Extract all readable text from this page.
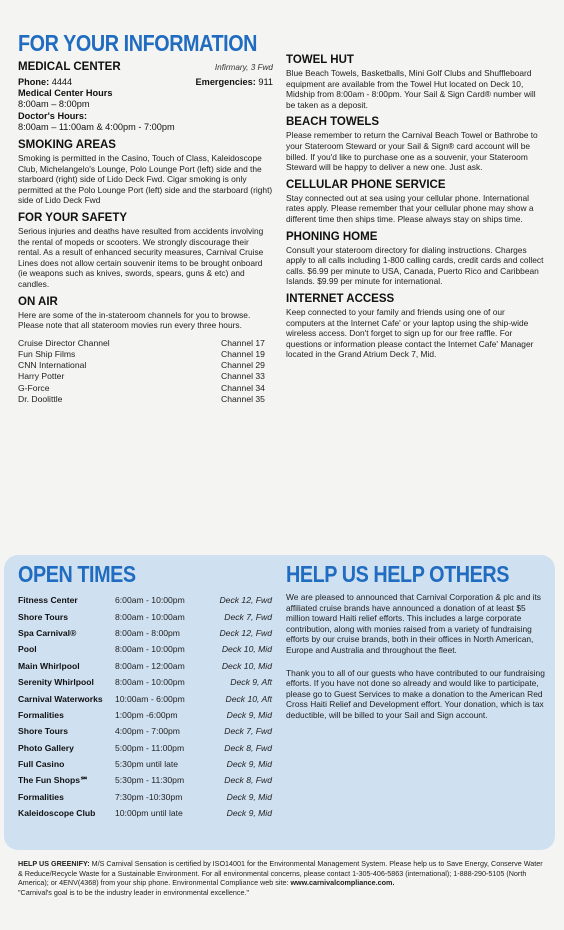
FOR YOUR INFORMATION
MEDICAL CENTER	Infirmary, 3 Fwd
Phone: 4444	Emergencies: 911
Medical Center Hours
8:00am – 8:00pm
Doctor's Hours:
8:00am – 11:00am & 4:00pm - 7:00pm
SMOKING AREAS
Smoking is permitted in the Casino, Touch of Class, Kaleidoscope Club, Michelangelo's Lounge, Polo Lounge Port (left) side and the starboard (right) side of Lido Deck Fwd. Cigar smoking is only permitted at the Polo Lounge Port (left) side and the starboard (right) side of Lido Deck Fwd
FOR YOUR SAFETY
Serious injuries and deaths have resulted from accidents involving the rental of mopeds or scooters. We strongly discourage their rental. As a result of enhanced security measures, Carnival Cruise Lines does not allow certain souvenir items to be brought onboard (ie weapons such as knives, swords, spears, guns & etc) and candles.
ON AIR
Here are some of the in-stateroom channels for you to browse. Please note that all stateroom movies run every three hours.
Cruise Director Channel	Channel 17
Fun Ship Films	Channel 19
CNN International	Channel 29
Harry Potter	Channel 33
G-Force	Channel 34
Dr. Doolittle	Channel 35
TOWEL HUT
Blue Beach Towels, Basketballs, Mini Golf Clubs and Shuffleboard equipment are available from the Towel Hut located on Deck 10, Midship from 8:00am - 8:00pm. Your Sail & Sign Card® number will be taken as a deposit.
BEACH TOWELS
Please remember to return the Carnival Beach Towel or Bathrobe to your Stateroom Steward or your Sail & Sign® card account will be billed. If you'd like to purchase one as a souvenir, your Stateroom Steward will be happy to deliver a new one. Just ask.
CELLULAR PHONE SERVICE
Stay connected out at sea using your cellular phone. International rates apply. Please remember that your cellular phone may show a different time then ships time. Please always stay on ships time.
PHONING HOME
Consult your stateroom directory for dialing instructions. Charges apply to all calls including 1-800 calling cards, credit cards and collect calls. $6.99 per minute to USA, Canada, Puerto Rico and Caribbean Islands. $9.99 per minute for international.
INTERNET ACCESS
Keep connected to your family and friends using one of our computers at the Internet Cafe' or your laptop using the ship-wide wireless access. Don't forget to sign up for our free raffle. For questions or information please contact the Internet Cafe' Manager located in the Grand Atrium Deck 7, Mid.
OPEN TIMES
Fitness Center	6:00am - 10:00pm	Deck 12, Fwd
Shore Tours	8:00am - 10:00am	Deck 7, Fwd
Spa Carnival®	8:00am - 8:00pm	Deck 12, Fwd
Pool	8:00am - 10:00pm	Deck 10, Mid
Main Whirlpool	8:00am - 12:00am	Deck 10, Mid
Serenity Whirlpool	8:00am - 10:00pm	Deck 9, Aft
Carnival Waterworks	10:00am - 6:00pm	Deck 10, Aft
Formalities	1:00pm -6:00pm	Deck 9, Mid
Shore Tours	4:00pm - 7:00pm	Deck 7, Fwd
Photo Gallery	5:00pm - 11:00pm	Deck 8, Fwd
Full Casino	5:30pm until late	Deck 9, Mid
The Fun Shops℠	5:30pm - 11:30pm	Deck 8, Fwd
Formalities	7:30pm -10:30pm	Deck 9, Mid
Kaleidoscope Club	10:00pm until late	Deck 9, Mid
HELP US HELP OTHERS
We are pleased to announced that Carnival Corporation & plc and its affiliated cruise brands have announced a donation of at least $5 million toward Haiti relief efforts. This includes a large corporate contribution, along with monies raised from a variety of fundraising efforts by our cruise brands, both in their offices in North American, Europe and Australia and throughout the fleet.
Thank you to all of our guests who have contributed to our fundraising efforts. If you have not done so already and would like to participate, please go to Guest Services to make a donation to the American Red Cross Haiti Relief and Development effort. Your donation, which is tax deductible, will be billed to your Sail and Sign account.
HELP US GREENIFY: M/S Carnival Sensation is certified by ISO14001 for the Environmental Management System. Please help us to Save Energy, Conserve Water & Reduce/Recycle Waste for a Sustainable Environment. For all environmental concerns, please contact 1-305-406-5863 (international); 1-888-290-5105 (North America); or 4ENV(4368) from your ship phone. Environmental Compliance web site: www.carnivalcompliance.com.
"Carnival's goal is to be the industry leader in environmental excellence."
